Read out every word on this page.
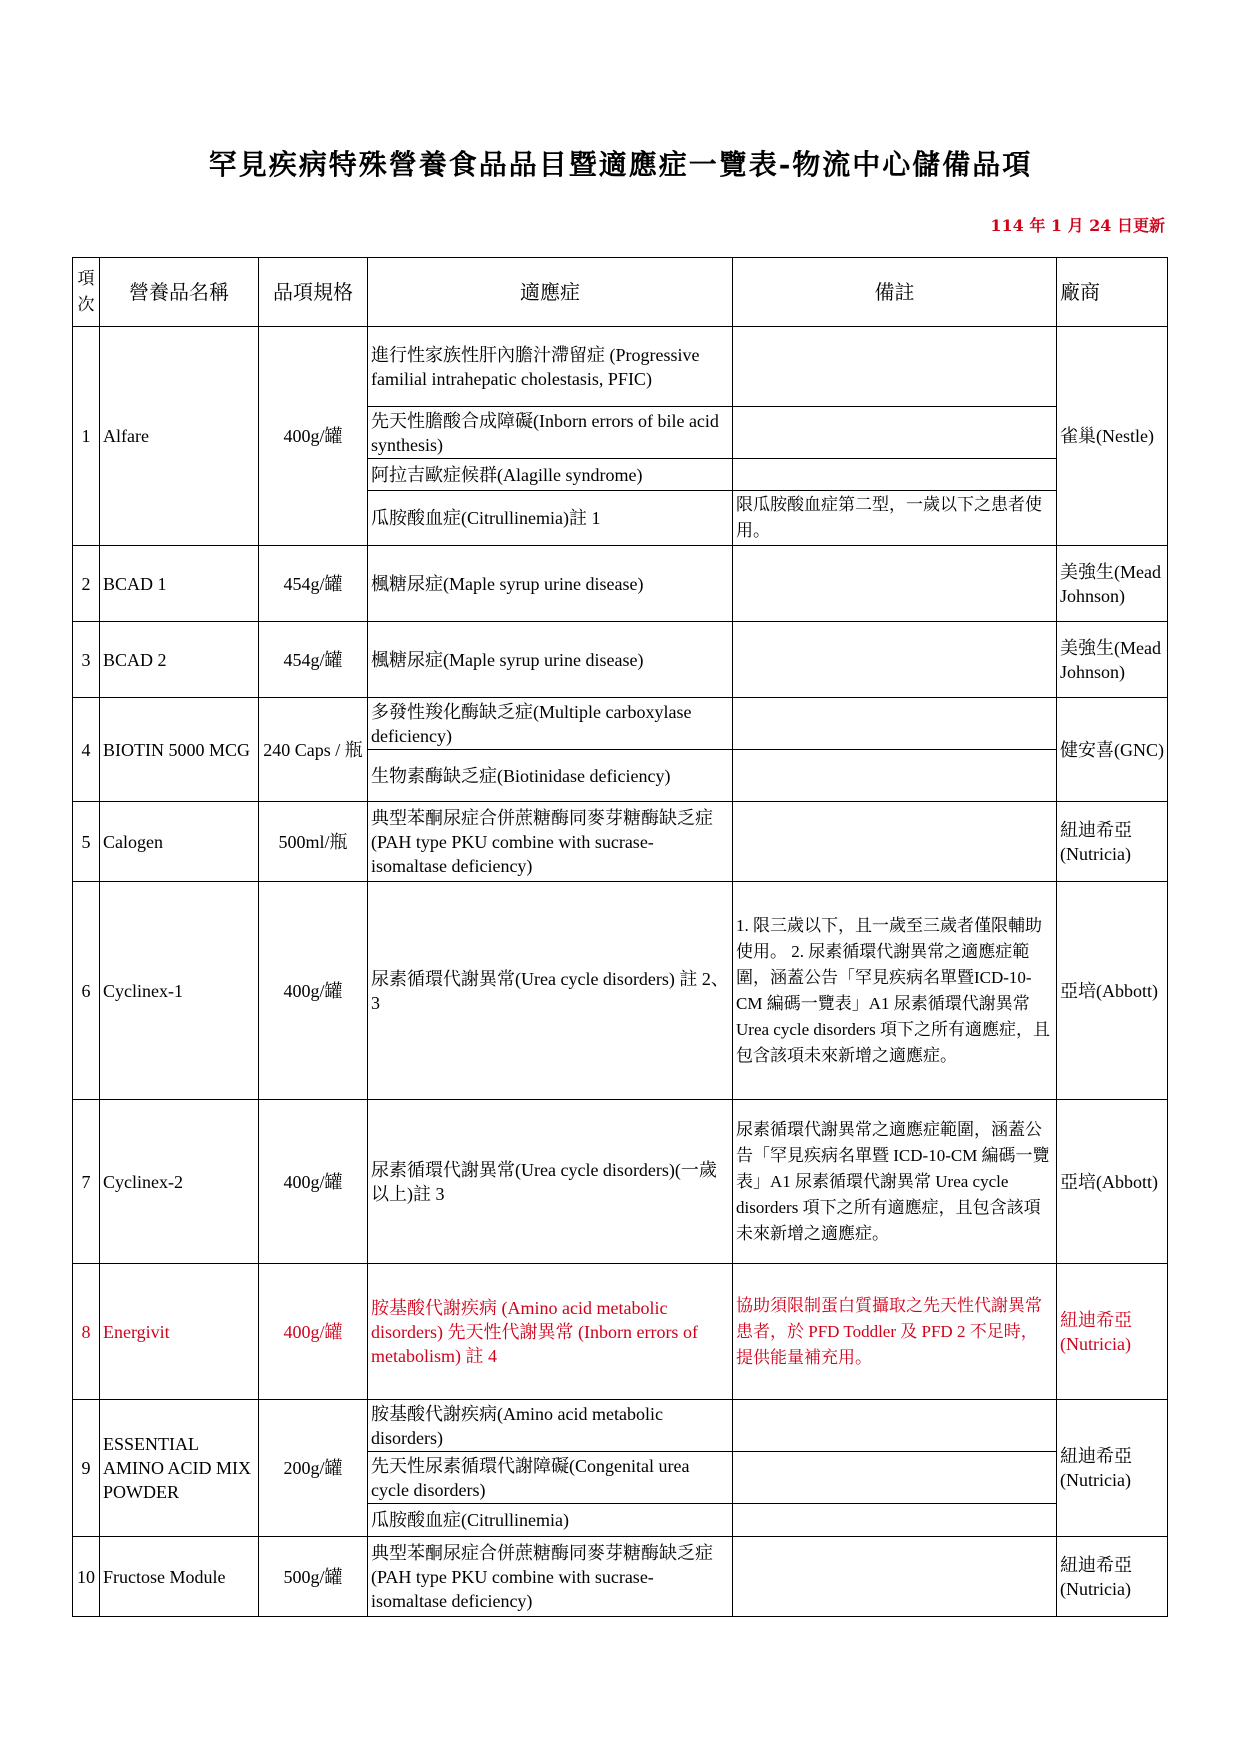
罕見疾病特殊營養食品品目暨適應症一覽表-物流中心儲備品項
114 年 1 月 24 日更新
項次	營養品名稱	品項規格	適應症	備註	廠商
1	Alfare	400g/罐	進行性家族性肝內膽汁滯留症 (Progressive familial intrahepatic cholestasis, PFIC)		雀巢(Nestle)
			先天性膽酸合成障礙(Inborn errors of bile acid synthesis)		
			阿拉吉歐症候群(Alagille syndrome)		
			瓜胺酸血症(Citrullinemia)註 1	限瓜胺酸血症第二型，一歲以下之患者使用。	
2	BCAD 1	454g/罐	楓糖尿症(Maple syrup urine disease)		美強生(Mead Johnson)
3	BCAD 2	454g/罐	楓糖尿症(Maple syrup urine disease)		美強生(Mead Johnson)
4	BIOTIN 5000 MCG	240 Caps / 瓶	多發性羧化酶缺乏症(Multiple carboxylase deficiency)		健安喜(GNC)
			生物素酶缺乏症(Biotinidase deficiency)		
5	Calogen	500ml/瓶	典型苯酮尿症合併蔗糖酶同麥芽糖酶缺乏症 (PAH type PKU combine with sucrase-isomaltase deficiency)		紐迪希亞(Nutricia)
6	Cyclinex-1	400g/罐	尿素循環代謝異常(Urea cycle disorders) 註 2、3	1. 限三歲以下，且一歲至三歲者僅限輔助使用。 2. 尿素循環代謝異常之適應症範圍，涵蓋公告「罕見疾病名單暨ICD-10-CM 編碼一覽表」A1 尿素循環代謝異常 Urea cycle disorders 項下之所有適應症，且包含該項未來新增之適應症。	亞培(Abbott)
7	Cyclinex-2	400g/罐	尿素循環代謝異常(Urea cycle disorders)(一歲以上)註 3	尿素循環代謝異常之適應症範圍，涵蓋公告「罕見疾病名單暨 ICD-10-CM 編碼一覽表」A1 尿素循環代謝異常 Urea cycle disorders 項下之所有適應症，且包含該項未來新增之適應症。	亞培(Abbott)
8	Energivit	400g/罐	胺基酸代謝疾病 (Amino acid metabolic disorders) 先天性代謝異常 (Inborn errors of metabolism) 註 4	協助須限制蛋白質攝取之先天性代謝異常患者，於 PFD Toddler 及 PFD 2 不足時，提供能量補充用。	紐迪希亞(Nutricia)
9	ESSENTIAL AMINO ACID MIX POWDER	200g/罐	胺基酸代謝疾病(Amino acid metabolic disorders)		紐迪希亞(Nutricia)
			先天性尿素循環代謝障礙(Congenital urea cycle disorders)		
			瓜胺酸血症(Citrullinemia)		
10	Fructose Module	500g/罐	典型苯酮尿症合併蔗糖酶同麥芽糖酶缺乏症(PAH type PKU combine with sucrase-isomaltase deficiency)		紐迪希亞(Nutricia)
